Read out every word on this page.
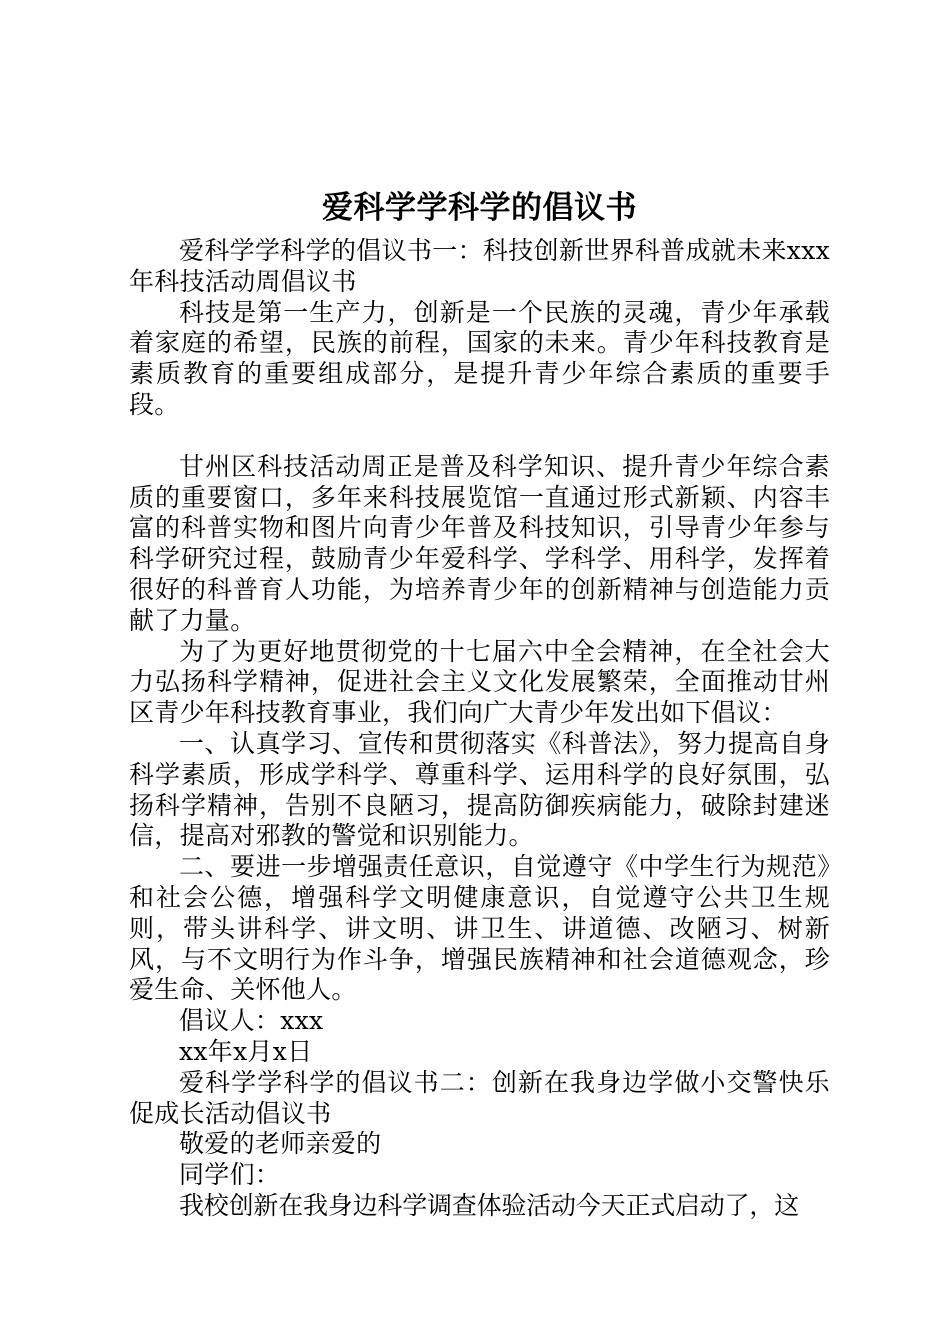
爱科学学科学的倡议书

爱科学学科学的倡议书一：科技创新世界科普成就未来xxx年科技活动周倡议书

科技是第一生产力，创新是一个民族的灵魂，青少年承载着家庭的希望，民族的前程，国家的未来。青少年科技教育是素质教育的重要组成部分，是提升青少年综合素质的重要手段。

甘州区科技活动周正是普及科学知识、提升青少年综合素质的重要窗口，多年来科技展览馆一直通过形式新颖、内容丰富的科普实物和图片向青少年普及科技知识，引导青少年参与科学研究过程，鼓励青少年爱科学、学科学、用科学，发挥着很好的科普育人功能，为培养青少年的创新精神与创造能力贡献了力量。

为了为更好地贯彻党的十七届六中全会精神，在全社会大力弘扬科学精神，促进社会主义文化发展繁荣，全面推动甘州区青少年科技教育事业，我们向广大青少年发出如下倡议：

一、认真学习、宣传和贯彻落实《科普法》，努力提高自身科学素质，形成学科学、尊重科学、运用科学的良好氛围，弘扬科学精神，告别不良陋习，提高防御疾病能力，破除封建迷信，提高对邪教的警觉和识别能力。

二、要进一步增强责任意识，自觉遵守《中学生行为规范》和社会公德，增强科学文明健康意识，自觉遵守公共卫生规则，带头讲科学、讲文明、讲卫生、讲道德、改陋习、树新风，与不文明行为作斗争，增强民族精神和社会道德观念，珍爱生命、关怀他人。

倡议人：xxx

xx年x月x日

爱科学学科学的倡议书二：创新在我身边学做小交警快乐促成长活动倡议书

敬爱的老师亲爱的

同学们：

我校创新在我身边科学调查体验活动今天正式启动了，这
